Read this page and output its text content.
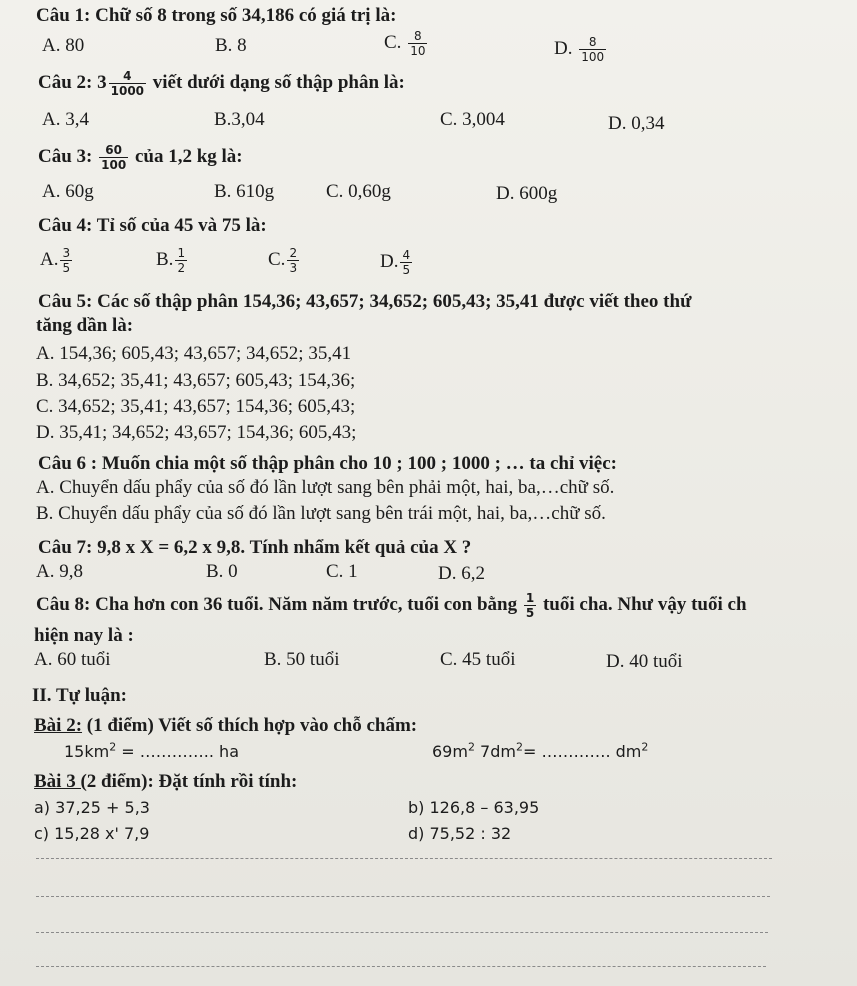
Câu 1: Chữ số 8 trong số 34,186 có giá trị là:
A. 80	B. 8	C. $\frac{8}{10}$	D. $\frac{8}{100}$
Câu 2: $3 \frac{4}{1000}$ viết dưới dạng số thập phân là:
A. 3,4	B.3,04	C. 3,004	D. 0,34
Câu 3: $\frac{60}{100}$ của 1,2 kg là:
A. 60g	B. 610g	C. 0,60g	D. 600g
Câu 4: Tỉ số của 45 và 75 là:
A. $\frac{3}{5}$	B. $\frac{1}{2}$	C. $\frac{2}{3}$	D. $\frac{4}{5}$
Câu 5: Các số thập phân 154,36; 43,657; 34,652; 605,43; 35,41 được viết theo thứ
tăng dần là:
A. 154,36; 605,43; 43,657; 34,652; 35,41
B. 34,652; 35,41; 43,657; 605,43; 154,36;
C. 34,652; 35,41; 43,657; 154,36; 605,43;
D. 35,41; 34,652; 43,657; 154,36; 605,43;
Câu 6 : Muốn chia một số thập phân cho 10 ; 100 ; 1000 ; … ta chỉ việc:
A. Chuyển dấu phẩy của số đó lần lượt sang bên phải một, hai, ba,…chữ số.
B. Chuyển dấu phẩy của số đó lần lượt sang bên trái một, hai, ba,…chữ số.
Câu 7: 9,8 x X = 6,2 x 9,8. Tính nhẩm kết quả của X ?
A. 9,8	B. 0	C. 1	D. 6,2
Câu 8: Cha hơn con 36 tuổi. Năm năm trước, tuổi con bằng $\frac{1}{5}$ tuổi cha. Như vậy tuổi ch
hiện nay là :
A. 60 tuổi	B. 50 tuổi	C. 45 tuổi	D. 40 tuổi
II. Tự luận:
Bài 2: (1 điểm) Viết số thích hợp vào chỗ chấm:
$15km^2$ = ………….. ha	$69m^2$ $7dm^2=$ …………. $dm^2$
Bài 3 (2 điểm): Đặt tính rồi tính:
a) 37,25 + 5,3	b) 126,8 – 63,95
c) 15,28 x' 7,9	d) 75,52 : 32
